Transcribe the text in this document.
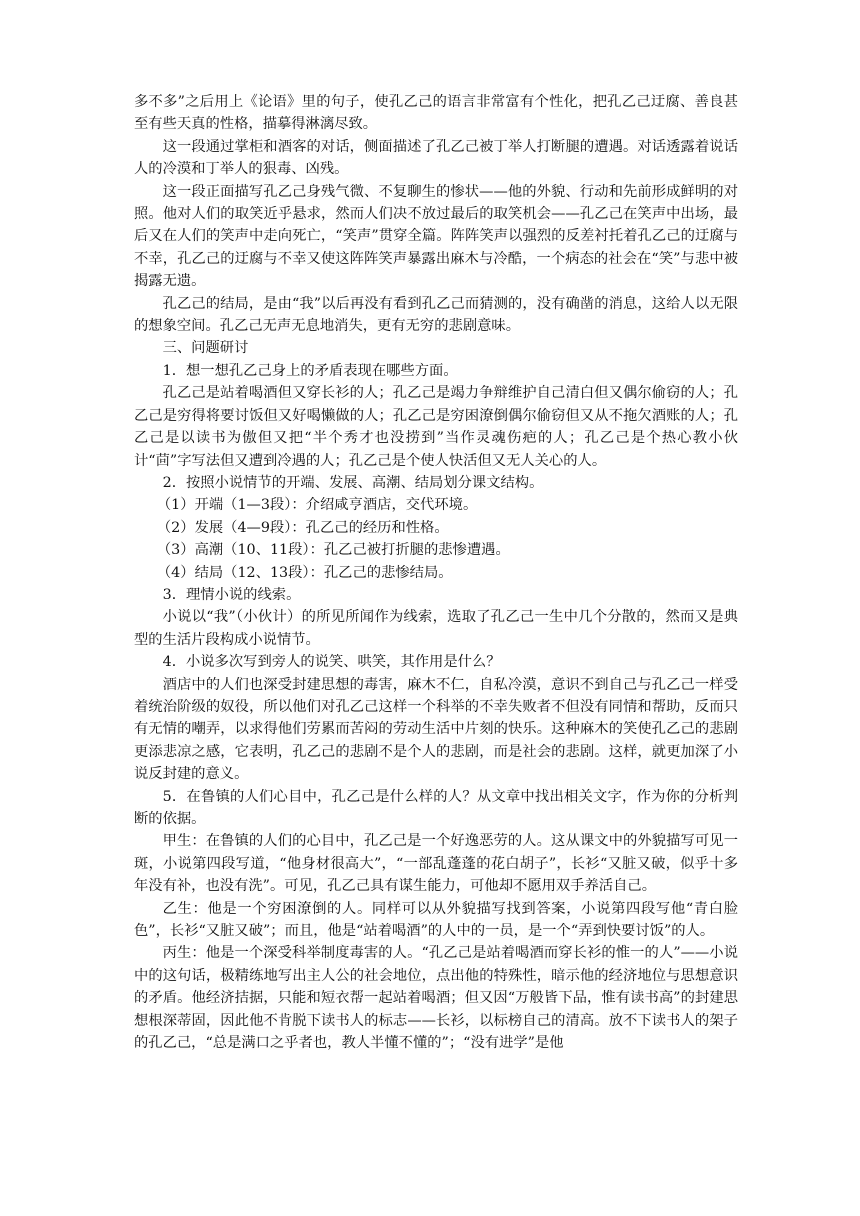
多不多”之后用上《论语》里的句子，使孔乙己的语言非常富有个性化，把孔乙己迂腐、善良甚至有些天真的性格，描摹得淋漓尽致。

这一段通过掌柜和酒客的对话，侧面描述了孔乙己被丁举人打断腿的遭遇。对话透露着说话人的冷漠和丁举人的狠毒、凶残。

这一段正面描写孔乙己身残气微、不复聊生的惨状——他的外貌、行动和先前形成鲜明的对照。他对人们的取笑近乎悬求，然而人们决不放过最后的取笑机会——孔乙己在笑声中出场，最后又在人们的笑声中走向死亡，“笑声”贯穿全篇。阵阵笑声以强烈的反差衬托着孔乙己的迂腐与不幸，孔乙己的迂腐与不幸又使这阵阵笑声暴露出麻木与冷酷，一个病态的社会在“笑”与悲中被揭露无遗。

孔乙己的结局，是由“我”以后再没有看到孔乙己而猜测的，没有确凿的消息，这给人以无限的想象空间。孔乙己无声无息地消失，更有无穷的悲剧意味。

三、问题研讨

1．想一想孔乙己身上的矛盾表现在哪些方面。

孔乙己是站着喝酒但又穿长衫的人；孔乙己是竭力争辩维护自己清白但又偶尔偷窃的人；孔乙己是穷得将要讨饭但又好喝懒做的人；孔乙己是穷困潦倒偶尔偷窃但又从不拖欠酒账的人；孔乙己是以读书为傲但又把“半个秀才也没捞到”当作灵魂伤疤的人；孔乙己是个热心教小伙计“茴”字写法但又遭到冷遇的人；孔乙己是个使人快活但又无人关心的人。

2．按照小说情节的开端、发展、高潮、结局划分课文结构。

（1）开端（1—3段）：介绍咸亨酒店，交代环境。

（2）发展（4—9段）：孔乙己的经历和性格。

（3）高潮（10、11段）：孔乙己被打折腿的悲惨遭遇。

（4）结局（12、13段）：孔乙己的悲惨结局。

3．理情小说的线索。

小说以“我”（小伙计）的所见所闻作为线索，选取了孔乙己一生中几个分散的，然而又是典型的生活片段构成小说情节。

4．小说多次写到旁人的说笑、哄笑，其作用是什么？

酒店中的人们也深受封建思想的毒害，麻木不仁，自私冷漠，意识不到自己与孔乙己一样受着统治阶级的奴役，所以他们对孔乙己这样一个科举的不幸失败者不但没有同情和帮助，反而只有无情的嘲弄，以求得他们劳累而苦闷的劳动生活中片刻的快乐。这种麻木的笑使孔乙己的悲剧更添悲凉之感，它表明，孔乙己的悲剧不是个人的悲剧，而是社会的悲剧。这样，就更加深了小说反封建的意义。

5．在鲁镇的人们心目中，孔乙己是什么样的人？从文章中找出相关文字，作为你的分析判断的依据。

甲生：在鲁镇的人们的心目中，孔乙己是一个好逸恶劳的人。这从课文中的外貌描写可见一斑，小说第四段写道，“他身材很高大”，“一部乱蓬蓬的花白胡子”，长衫“又脏又破，似乎十多年没有补，也没有洗”。可见，孔乙己具有谋生能力，可他却不愿用双手养活自己。

乙生：他是一个穷困潦倒的人。同样可以从外貌描写找到答案，小说第四段写他“青白脸色”，长衫“又脏又破”；而且，他是“站着喝酒”的人中的一员，是一个“弄到快要讨饭”的人。

丙生：他是一个深受科举制度毒害的人。“孔乙己是站着喝酒而穿长衫的惟一的人”——小说中的这句话，极精练地写出主人公的社会地位，点出他的特殊性，暗示他的经济地位与思想意识的矛盾。他经济拮据，只能和短衣帮一起站着喝酒；但又因“万般皆下品，惟有读书高”的封建思想根深蒂固，因此他不肯脱下读书人的标志——长衫，以标榜自己的清高。放不下读书人的架子的孔乙己，“总是满口之乎者也，教人半懂不懂的”；“没有进学”是他
